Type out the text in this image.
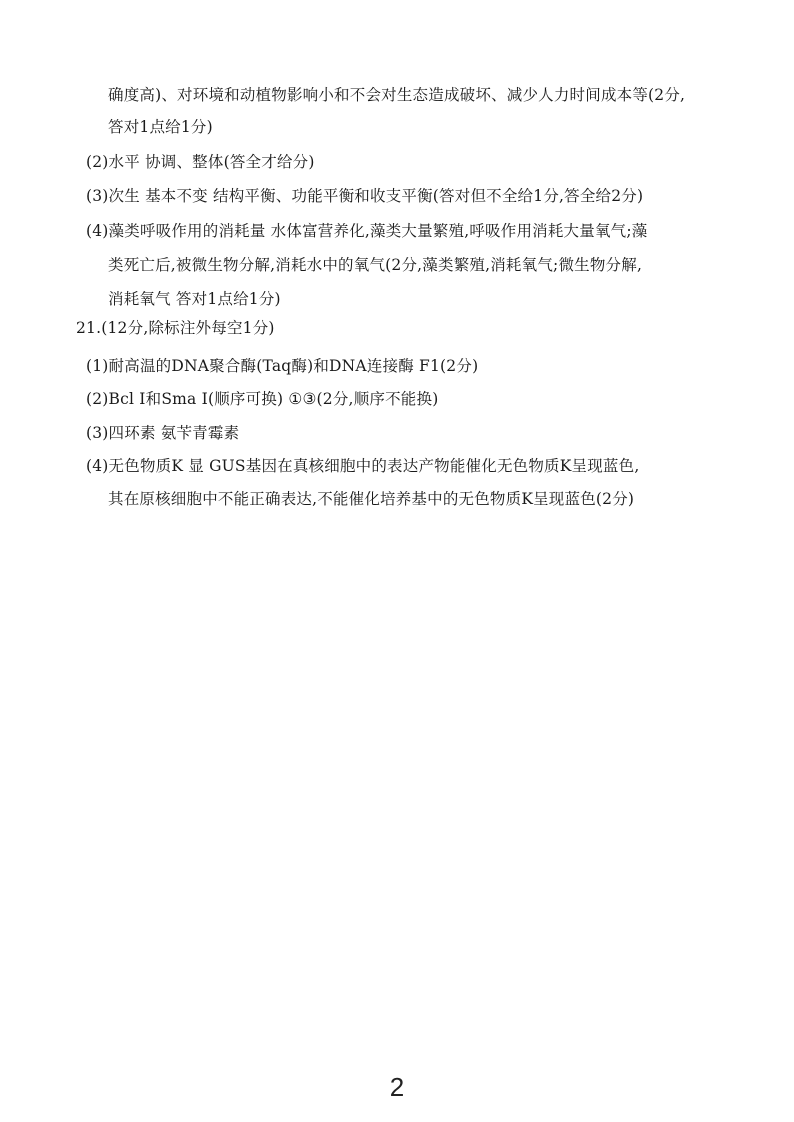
确度高)、对环境和动植物影响小和不会对生态造成破坏、减少人力时间成本等(2分,
答对1点给1分)
(2)水平 协调、整体(答全才给分)
(3)次生 基本不变 结构平衡、功能平衡和收支平衡(答对但不全给1分,答全给2分)
(4)藻类呼吸作用的消耗量 水体富营养化,藻类大量繁殖,呼吸作用消耗大量氧气;藻
类死亡后,被微生物分解,消耗水中的氧气(2分,藻类繁殖,消耗氧气;微生物分解,
消耗氧气 答对1点给1分)
21.(12分,除标注外每空1分)
(1)耐高温的DNA聚合酶(Taq酶)和DNA连接酶 F1(2分)
(2)Bcl I和Sma I(顺序可换) ①③(2分,顺序不能换)
(3)四环素 氨苄青霉素
(4)无色物质K 显 GUS基因在真核细胞中的表达产物能催化无色物质K呈现蓝色,
其在原核细胞中不能正确表达,不能催化培养基中的无色物质K呈现蓝色(2分)
2
